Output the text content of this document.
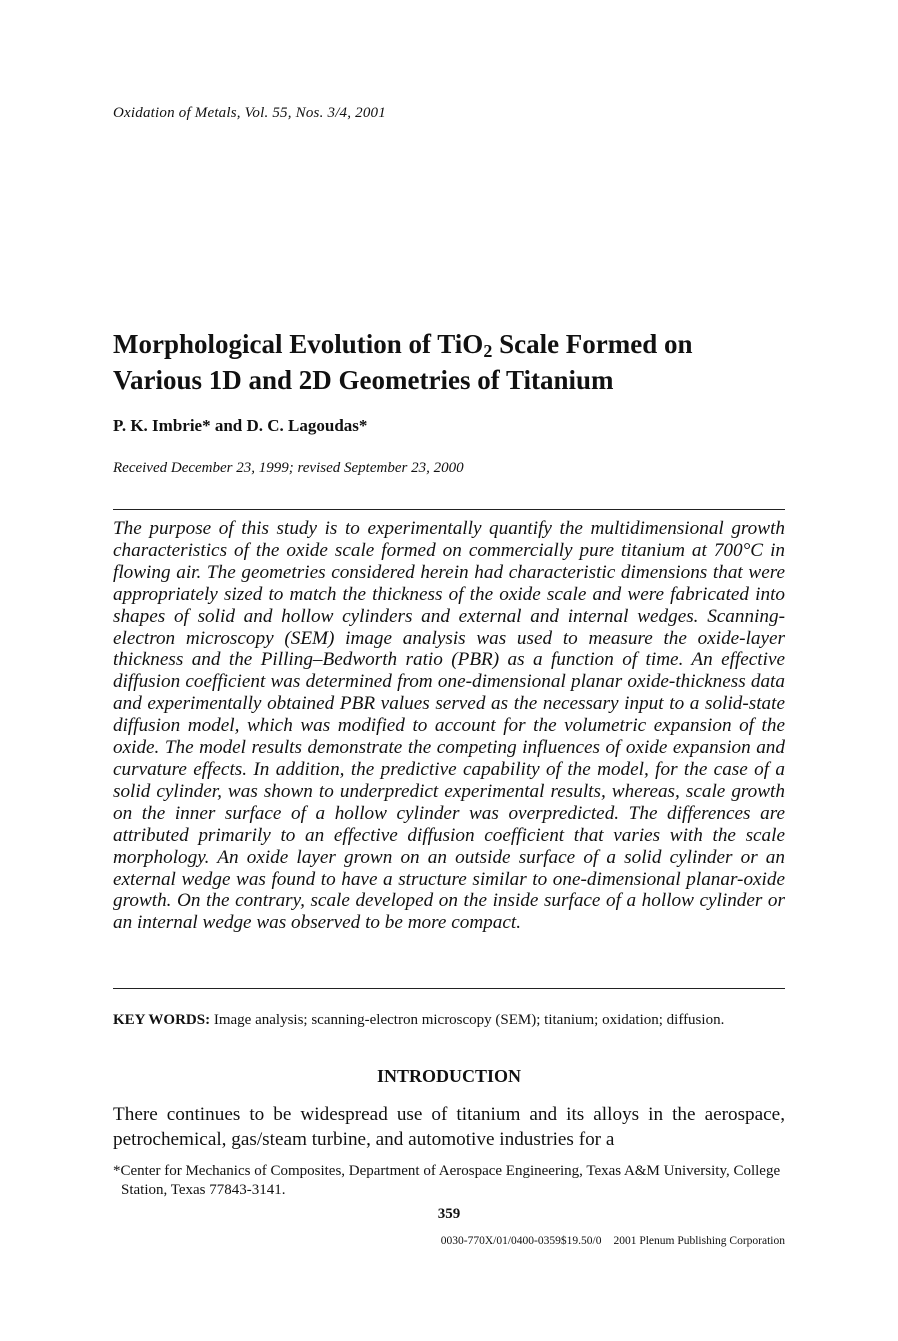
Oxidation of Metals, Vol. 55, Nos. 3/4, 2001
Morphological Evolution of TiO$_2$ Scale Formed on
Various 1D and 2D Geometries of Titanium
P. K. Imbrie* and D. C. Lagoudas*
Received December 23, 1999; revised September 23, 2000

The purpose of this study is to experimentally quantify the multidimensional growth characteristics of the oxide scale formed on commercially pure titanium at 700°C in flowing air. The geometries considered herein had characteristic dimensions that were appropriately sized to match the thickness of the oxide scale and were fabricated into shapes of solid and hollow cylinders and external and internal wedges. Scanning-electron microscopy (SEM) image analysis was used to measure the oxide-layer thickness and the Pilling–Bedworth ratio (PBR) as a function of time. An effective diffusion coefficient was determined from one-dimensional planar oxide-thickness data and experimentally obtained PBR values served as the necessary input to a solid-state diffusion model, which was modified to account for the volumetric expansion of the oxide. The model results demonstrate the competing influences of oxide expansion and curvature effects. In addition, the predictive capability of the model, for the case of a solid cylinder, was shown to underpredict experimental results, whereas, scale growth on the inner surface of a hollow cylinder was overpredicted. The differences are attributed primarily to an effective diffusion coefficient that varies with the scale morphology. An oxide layer grown on an outside surface of a solid cylinder or an external wedge was found to have a structure similar to one-dimensional planar-oxide growth. On the contrary, scale developed on the inside surface of a hollow cylinder or an internal wedge was observed to be more compact.

KEY WORDS: Image analysis; scanning-electron microscopy (SEM); titanium; oxidation; diffusion.

INTRODUCTION

There continues to be widespread use of titanium and its alloys in the aerospace, petrochemical, gas/steam turbine, and automotive industries for a

*Center for Mechanics of Composites, Department of Aerospace Engineering, Texas A&M University, College Station, Texas 77843-3141.

359
0030-770X/01/0400-0359$19.50/0 2001 Plenum Publishing Corporation
